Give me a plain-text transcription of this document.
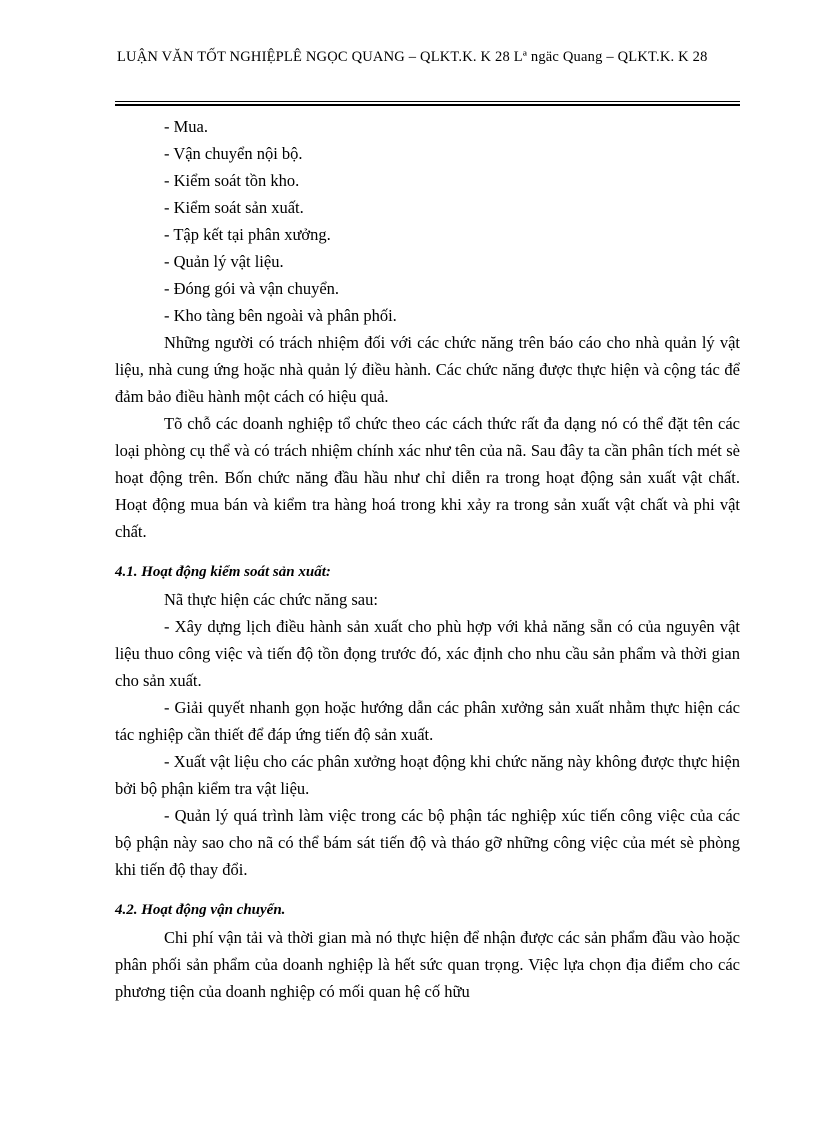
LUẬN VĂN TỐT NGHIỆPLÊ NGỌC QUANG – QLKT.K. K 28 Lª ngäc Quang – QLKT.K. K 28

- Mua.

- Vận chuyển nội bộ.

- Kiểm soát tồn kho.

- Kiểm soát sản xuất.

- Tập kết tại phân xưởng.

- Quản lý vật liệu.

- Đóng gói và vận chuyển.

- Kho tàng bên ngoài và phân phối.

Những người có trách nhiệm đối với các chức năng trên báo cáo cho nhà quản lý vật liệu, nhà cung ứng hoặc nhà quản lý điều hành. Các chức năng được thực hiện và cộng tác để đảm bảo điều hành một cách có hiệu quả.

Tõ chỗ các doanh nghiệp tổ chức theo các cách thức rất đa dạng nó có thể đặt tên các loại phòng cụ thể và có trách nhiệm chính xác như tên của nã. Sau đây ta cần phân tích mét sè hoạt động trên. Bốn chức năng đầu hầu như chỉ diễn ra trong hoạt động sản xuất vật chất. Hoạt động mua bán và kiểm tra hàng hoá trong khi xảy ra trong sản xuất vật chất và phi vật chất.

4.1. Hoạt động kiểm soát sản xuất:

Nã thực hiện các chức năng sau:

- Xây dựng lịch điều hành sản xuất cho phù hợp với khả năng sẵn có của nguyên vật liệu thuo công việc và tiến độ tồn đọng trước đó, xác định cho nhu cầu sản phẩm và thời gian cho sản xuất.

- Giải quyết nhanh gọn hoặc hướng dẫn các phân xưởng sản xuất nhằm thực hiện các tác nghiệp cần thiết để đáp ứng tiến độ sản xuất.

- Xuất vật liệu cho các phân xưởng hoạt động khi chức năng này không được thực hiện bởi bộ phận kiểm tra vật liệu.

- Quản lý quá trình làm việc trong các bộ phận tác nghiệp xúc tiến công việc của các bộ phận này sao cho nã có thể bám sát tiến độ và tháo gỡ những công việc của mét sè phòng khi tiến độ thay đổi.

4.2. Hoạt động vận chuyển.

Chi phí vận tải và thời gian mà nó thực hiện để nhận được các sản phẩm đầu vào hoặc phân phối sản phẩm của doanh nghiệp là hết sức quan trọng. Việc lựa chọn địa điểm cho các phương tiện của doanh nghiệp có mối quan hệ cố hữu
